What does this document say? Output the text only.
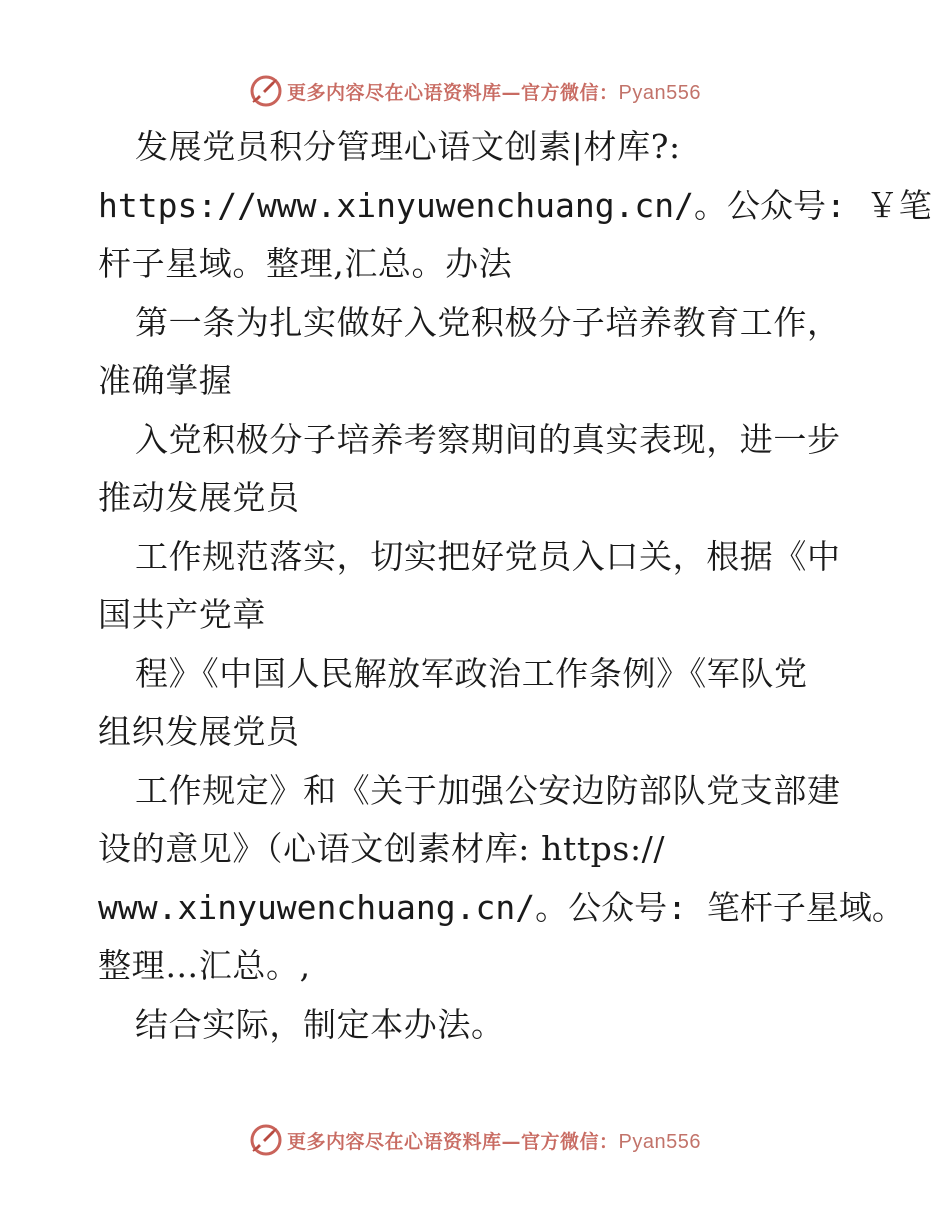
更多内容尽在心语资料库—官方微信：Pyan556
发展党员积分管理心语文创素|材库?:
https://www.xinyuwenchuang.cn/。公众号: ￥笔
杆子星域。整理,汇总。办法
第一条为扎实做好入党积极分子培养教育工作，
准确掌握
入党积极分子培养考察期间的真实表现，进一步
推动发展党员
工作规范落实，切实把好党员入口关，根据《中
国共产党章
程》《中国人民解放军政治工作条例》《军队党
组织发展党员
工作规定》和《关于加强公安边防部队党支部建
设的意见》（心语文创素材库: https://
www.xinyuwenchuang.cn/。公众号: 笔杆子星域。
整理…汇总。,
结合实际，制定本办法。
更多内容尽在心语资料库—官方微信：Pyan556
